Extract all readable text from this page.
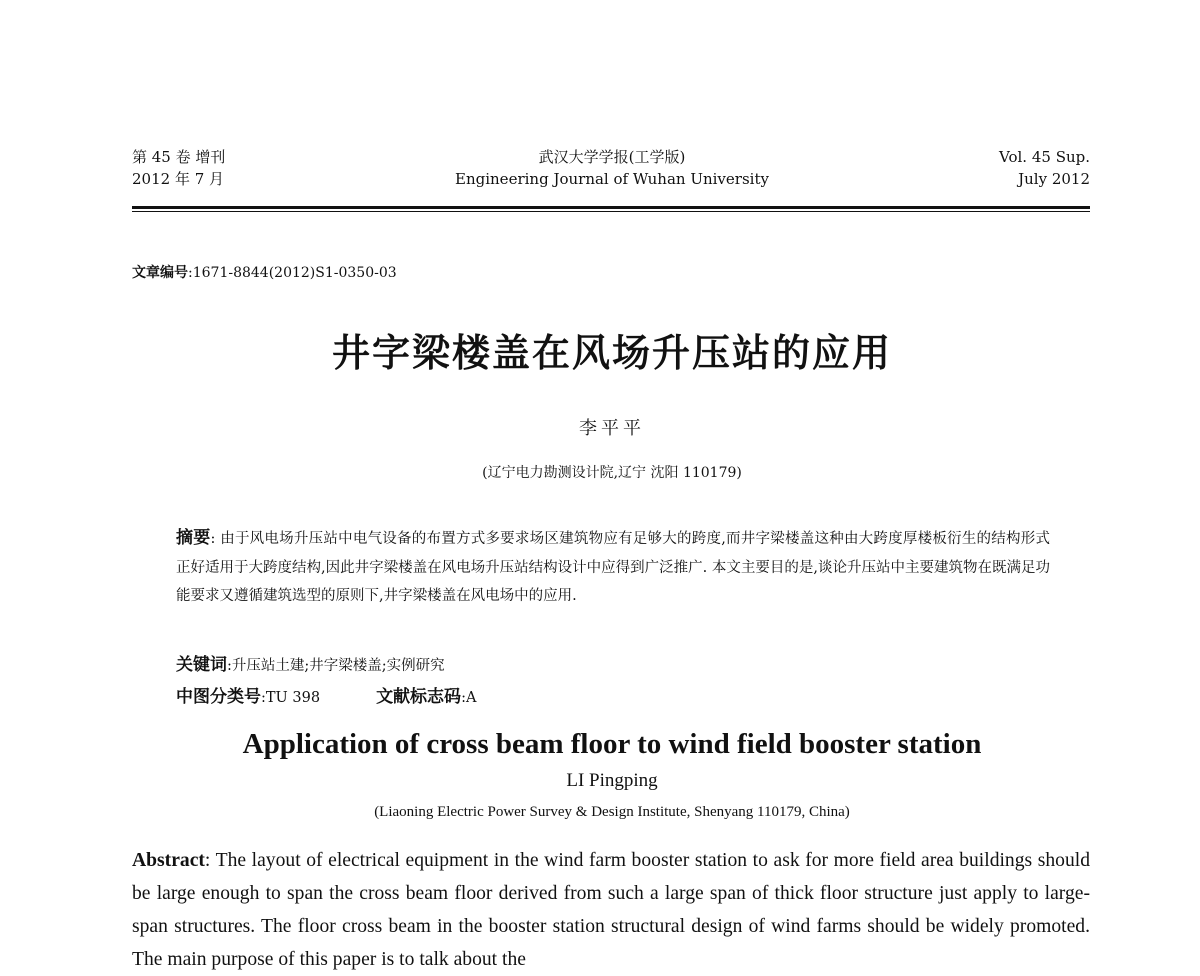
第 45 卷 增刊
2012 年 7 月
武汉大学学报(工学版)
Engineering Journal of Wuhan University
Vol. 45 Sup.
July 2012
文章编号:1671-8844(2012)S1-0350-03
井字梁楼盖在风场升压站的应用
李平平
(辽宁电力勘测设计院,辽宁 沈阳 110179)
摘要: 由于风电场升压站中电气设备的布置方式多要求场区建筑物应有足够大的跨度,而井字梁楼盖这种由大跨度厚楼板衍生的结构形式正好适用于大跨度结构,因此井字梁楼盖在风电场升压站结构设计中应得到广泛推广. 本文主要目的是,谈论升压站中主要建筑物在既满足功能要求又遵循建筑选型的原则下,井字梁楼盖在风电场中的应用.
关键词:升压站土建;井字梁楼盖;实例研究
中图分类号:TU 398	文献标志码:A
Application of cross beam floor to wind field booster station
LI Pingping
(Liaoning Electric Power Survey & Design Institute, Shenyang 110179, China)
Abstract: The layout of electrical equipment in the wind farm booster station to ask for more field area buildings should be large enough to span the cross beam floor derived from such a large span of thick floor structure just apply to large-span structures. The floor cross beam in the booster station structural design of wind farms should be widely promoted. The main purpose of this paper is to talk about the
